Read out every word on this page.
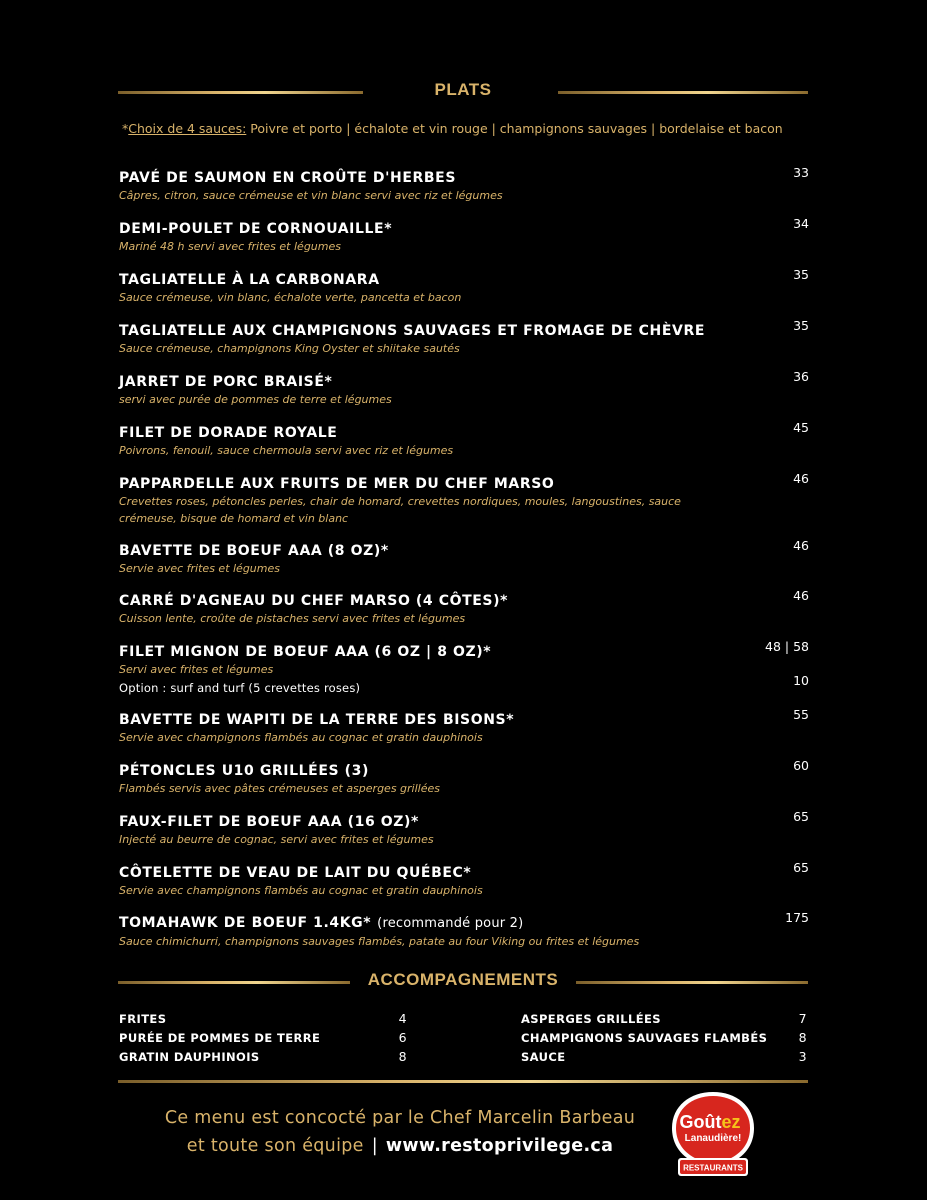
PLATS
*Choix de 4 sauces: Poivre et porto | échalote et vin rouge | champignons sauvages | bordelaise et bacon
PAVÉ DE SAUMON EN CROÛTE D'HERBES
Câpres, citron, sauce crémeuse et vin blanc servi avec riz et légumes
33
DEMI-POULET DE CORNOUAILLE*
Mariné 48 h servi avec frites et légumes
34
TAGLIATELLE À LA CARBONARA
Sauce crémeuse, vin blanc, échalote verte, pancetta et bacon
35
TAGLIATELLE AUX CHAMPIGNONS SAUVAGES ET FROMAGE DE CHÈVRE
Sauce crémeuse, champignons King Oyster et shiitake sautés
35
JARRET DE PORC BRAISÉ*
servi avec purée de pommes de terre et légumes
36
FILET DE DORADE ROYALE
Poivrons, fenouil, sauce chermoula servi avec riz et légumes
45
PAPPARDELLE AUX FRUITS DE MER DU CHEF MARSO
Crevettes roses, pétoncles perles, chair de homard, crevettes nordiques, moules, langoustines, sauce crémeuse, bisque de homard et vin blanc
46
BAVETTE DE BOEUF AAA (8 OZ)*
Servie avec frites et légumes
46
CARRÉ D'AGNEAU DU CHEF MARSO (4 CÔTES)*
Cuisson lente, croûte de pistaches servi avec frites et légumes
46
FILET MIGNON DE BOEUF AAA (6 OZ | 8 OZ)*
Servi avec frites et légumes
48 | 58
Option : surf and turf (5 crevettes roses)	10
BAVETTE DE WAPITI DE LA TERRE DES BISONS*
Servie avec champignons flambés au cognac et gratin dauphinois
55
PÉTONCLES U10 GRILLÉES (3)
Flambés servis avec pâtes crémeuses et asperges grillées
60
FAUX-FILET DE BOEUF AAA (16 OZ)*
Injecté au beurre de cognac, servi avec frites et légumes
65
CÔTELETTE DE VEAU DE LAIT DU QUÉBEC*
Servie avec champignons flambés au cognac et gratin dauphinois
65
TOMAHAWK DE BOEUF 1.4KG* (recommandé pour 2)
Sauce chimichurri, champignons sauvages flambés, patate au four Viking ou frites et légumes
175
ACCOMPAGNEMENTS
FRITES	4
PURÉE DE POMMES DE TERRE	6
GRATIN DAUPHINOIS	8
ASPERGES GRILLÉES	7
CHAMPIGNONS SAUVAGES FLAMBÉS	8
SAUCE	3
Ce menu est concocté par le Chef Marcelin Barbeau
et toute son équipe | www.restoprivilege.ca
Goûtez
Lanaudière!
RESTAURANTS
